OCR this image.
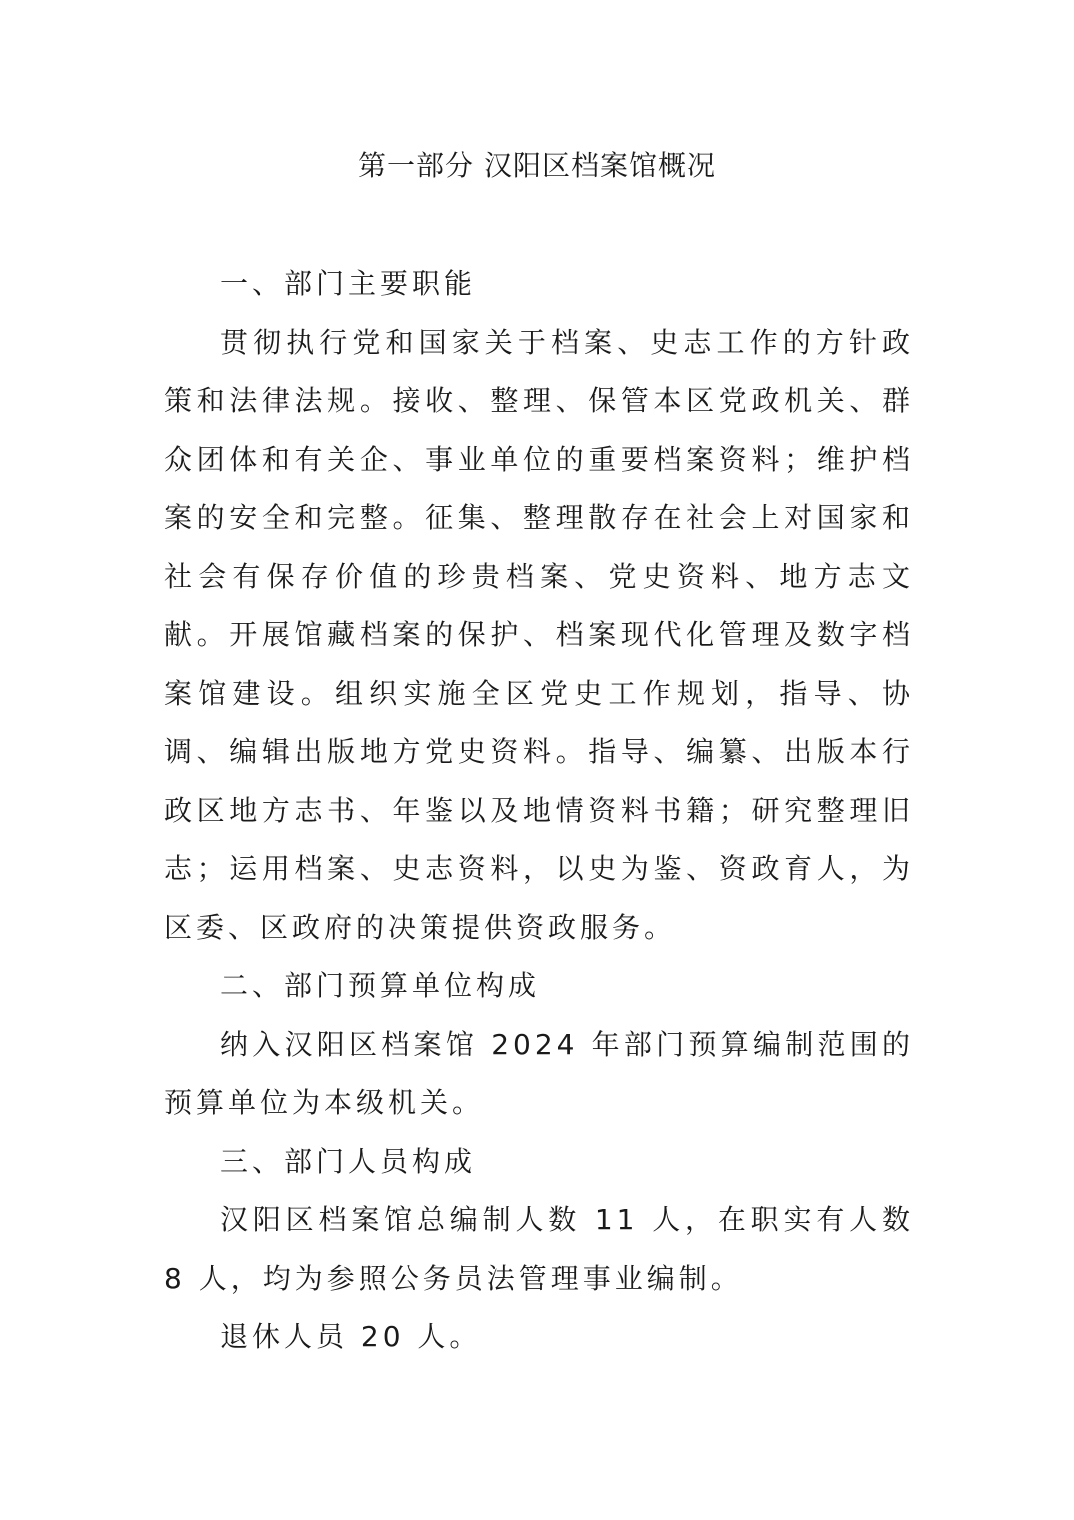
第一部分 汉阳区档案馆概况

一、部门主要职能

贯彻执行党和国家关于档案、史志工作的方针政策和法律法规。接收、整理、保管本区党政机关、群众团体和有关企、事业单位的重要档案资料；维护档案的安全和完整。征集、整理散存在社会上对国家和社会有保存价值的珍贵档案、党史资料、地方志文献。开展馆藏档案的保护、档案现代化管理及数字档案馆建设。组织实施全区党史工作规划，指导、协调、编辑出版地方党史资料。指导、编纂、出版本行政区地方志书、年鉴以及地情资料书籍；研究整理旧志；运用档案、史志资料，以史为鉴、资政育人，为区委、区政府的决策提供资政服务。

二、部门预算单位构成

纳入汉阳区档案馆 2024 年部门预算编制范围的预算单位为本级机关。

三、部门人员构成

汉阳区档案馆总编制人数 11 人，在职实有人数 8 人，均为参照公务员法管理事业编制。

退休人员 20 人。
